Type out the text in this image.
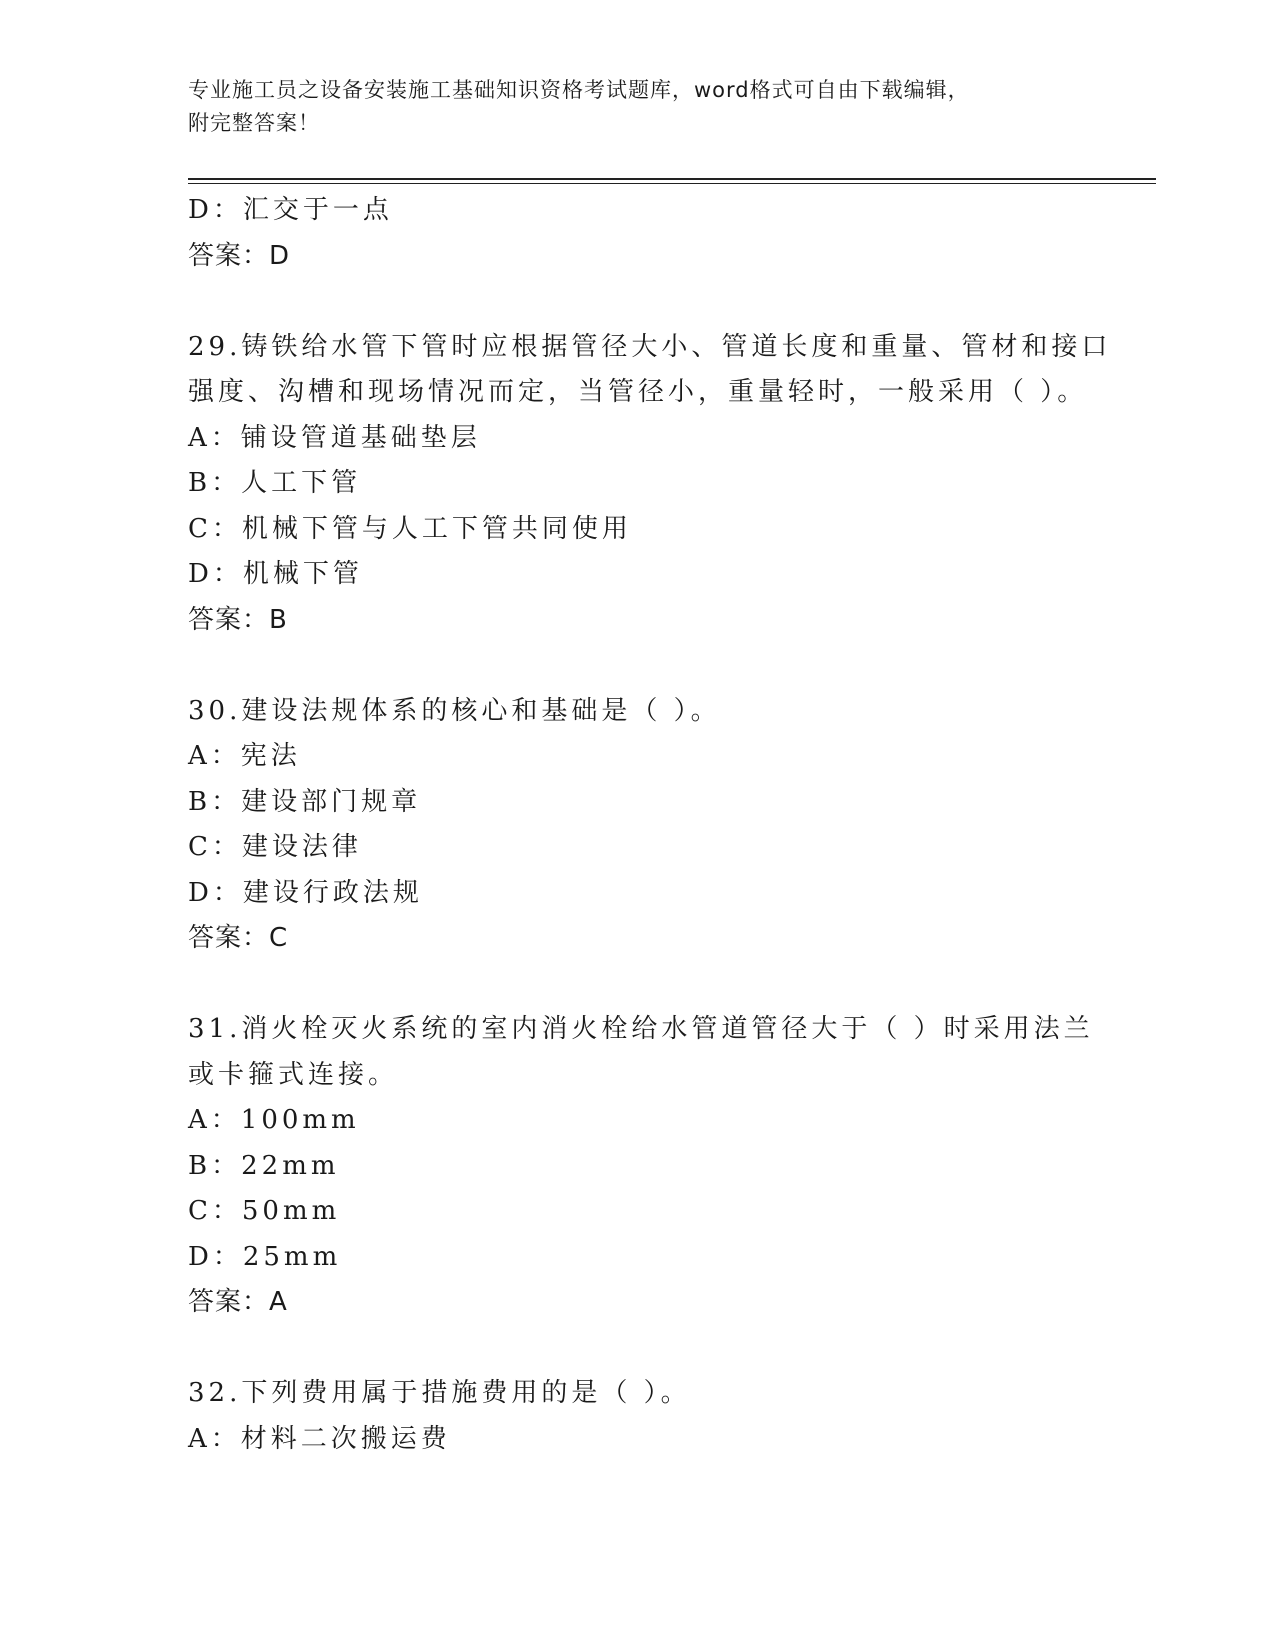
专业施工员之设备安装施工基础知识资格考试题库，word格式可自由下载编辑，
附完整答案！
D：汇交于一点
答案：D
29.铸铁给水管下管时应根据管径大小、管道长度和重量、管材和接口
强度、沟槽和现场情况而定，当管径小，重量轻时，一般采用（ ）。
A：铺设管道基础垫层
B：人工下管
C：机械下管与人工下管共同使用
D：机械下管
答案：B
30.建设法规体系的核心和基础是（ ）。
A：宪法
B：建设部门规章
C：建设法律
D：建设行政法规
答案：C
31.消火栓灭火系统的室内消火栓给水管道管径大于（ ）时采用法兰
或卡箍式连接。
A：100mm
B：22mm
C：50mm
D：25mm
答案：A
32.下列费用属于措施费用的是（ ）。
A：材料二次搬运费
